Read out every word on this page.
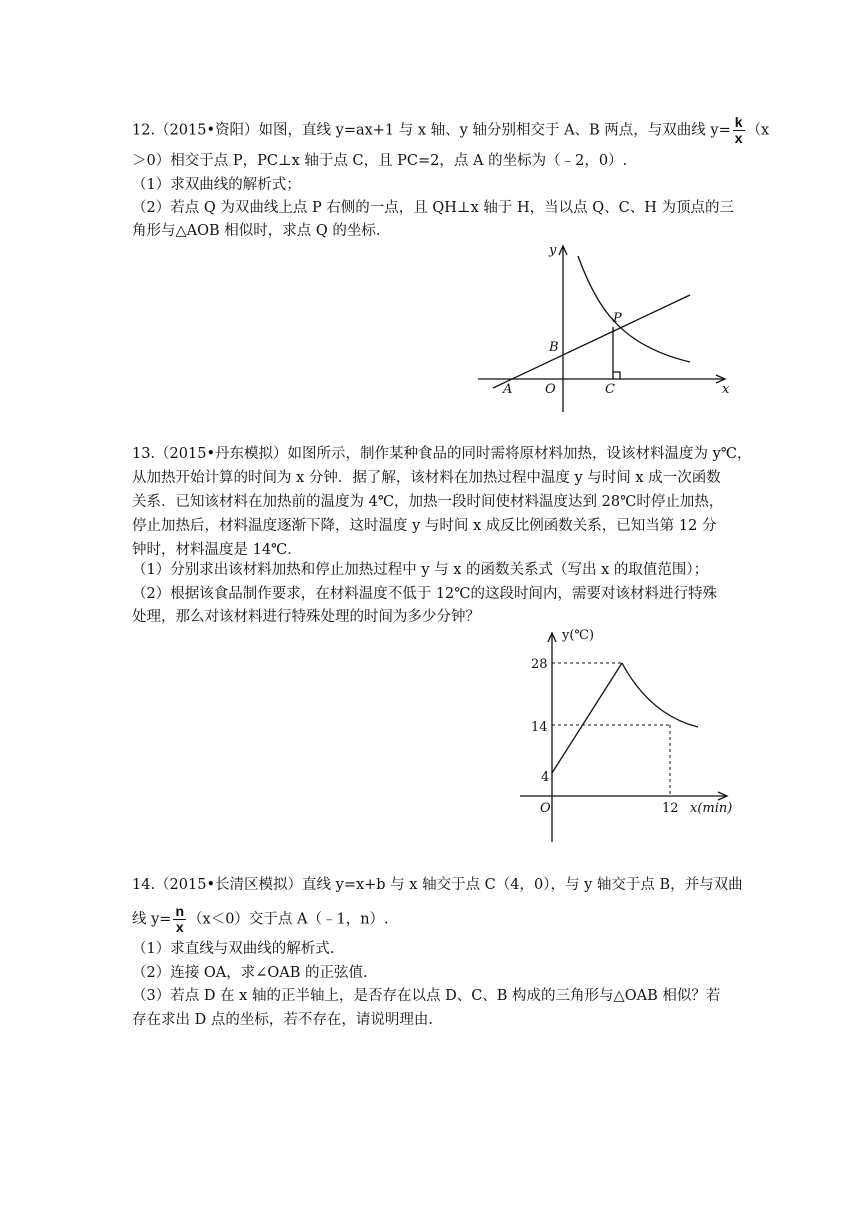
12.（2015•资阳）如图，直线 y=ax+1 与 x 轴、y 轴分别相交于 A、B 两点，与双曲线 $y= \frac{k}{x} (x$
＞0）相交于点 P，PC⊥x 轴于点 C，且 PC=2，点 A 的坐标为（﹣2，0）.
（1）求双曲线的解析式；
（2）若点 Q 为双曲线上点 P 右侧的一点，且 QH⊥x 轴于 H，当以点 Q、C、H 为顶点的三
角形与△AOB 相似时，求点 Q 的坐标.
y
x
P
B
A	O	C
13.（2015•丹东模拟）如图所示，制作某种食品的同时需将原材料加热，设该材料温度为 y℃，
从加热开始计算的时间为 x 分钟．据了解，该材料在加热过程中温度 y 与时间 x 成一次函数
关系．已知该材料在加热前的温度为 4℃，加热一段时间使材料温度达到 28℃时停止加热，
停止加热后，材料温度逐渐下降，这时温度 y 与时间 x 成反比例函数关系，已知当第 12 分
钟时，材料温度是 14℃．
（1）分别求出该材料加热和停止加热过程中 y 与 x 的函数关系式（写出 x 的取值范围）；
（2）根据该食品制作要求，在材料温度不低于 12℃的这段时间内，需要对该材料进行特殊
处理，那么对该材料进行特殊处理的时间为多少分钟？
y(℃)
x(min)
28
14
4
O	12
14.（2015•长清区模拟）直线 y=x+b 与 x 轴交于点 C（4，0），与 y 轴交于点 B，并与双曲
线 $y= \frac{n}{x} (x<0)$交于点 A（﹣1，n）.
（1）求直线与双曲线的解析式.
（2）连接 OA，求∠OAB 的正弦值.
（3）若点 D 在 x 轴的正半轴上，是否存在以点 D、C、B 构成的三角形与△OAB 相似？若
存在求出 D 点的坐标，若不存在，请说明理由.
